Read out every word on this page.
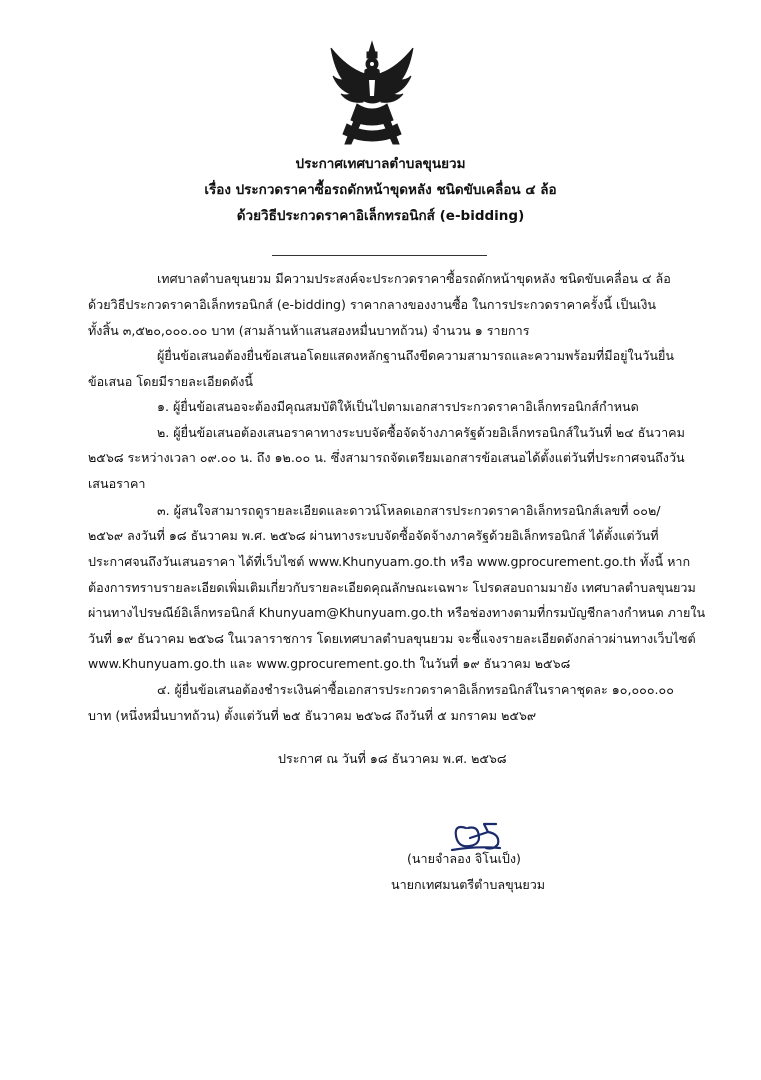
ประกาศเทศบาลตำบลขุนยวม
เรื่อง ประกวดราคาซื้อรถดักหน้าขุดหลัง ชนิดขับเคลื่อน ๔ ล้อ
ด้วยวิธีประกวดราคาอิเล็กทรอนิกส์ (e-bidding)
เทศบาลตำบลขุนยวม มีความประสงค์จะประกวดราคาซื้อรถดักหน้าขุดหลัง ชนิดขับเคลื่อน ๔ ล้อ
ด้วยวิธีประกวดราคาอิเล็กทรอนิกส์ (e-bidding) ราคากลางของงานซื้อ ในการประกวดราคาครั้งนี้ เป็นเงิน
ทั้งสิ้น ๓,๕๒๐,๐๐๐.๐๐ บาท (สามล้านห้าแสนสองหมื่นบาทถ้วน) จำนวน ๑ รายการ
ผู้ยื่นข้อเสนอต้องยื่นข้อเสนอโดยแสดงหลักฐานถึงขีดความสามารถและความพร้อมที่มีอยู่ในวันยื่น
ข้อเสนอ โดยมีรายละเอียดดังนี้
๑. ผู้ยื่นข้อเสนอจะต้องมีคุณสมบัติให้เป็นไปตามเอกสารประกวดราคาอิเล็กทรอนิกส์กำหนด
๒. ผู้ยื่นข้อเสนอต้องเสนอราคาทางระบบจัดซื้อจัดจ้างภาครัฐด้วยอิเล็กทรอนิกส์ในวันที่ ๒๔ ธันวาคม
๒๕๖๘ ระหว่างเวลา ๐๙.๐๐ น. ถึง ๑๒.๐๐ น. ซึ่งสามารถจัดเตรียมเอกสารข้อเสนอได้ตั้งแต่วันที่ประกาศจนถึงวัน
เสนอราคา
๓. ผู้สนใจสามารถดูรายละเอียดและดาวน์โหลดเอกสารประกวดราคาอิเล็กทรอนิกส์เลขที่ ๐๐๒/
๒๕๖๙ ลงวันที่ ๑๘ ธันวาคม พ.ศ. ๒๕๖๘ ผ่านทางระบบจัดซื้อจัดจ้างภาครัฐด้วยอิเล็กทรอนิกส์ ได้ตั้งแต่วันที่
ประกาศจนถึงวันเสนอราคา ได้ที่เว็บไซต์ www.Khunyuam.go.th หรือ www.gprocurement.go.th ทั้งนี้ หาก
ต้องการทราบรายละเอียดเพิ่มเติมเกี่ยวกับรายละเอียดคุณลักษณะเฉพาะ โปรดสอบถามมายัง เทศบาลตำบลขุนยวม
ผ่านทางไปรษณีย์อิเล็กทรอนิกส์ Khunyuam@Khunyuam.go.th หรือช่องทางตามที่กรมบัญชีกลางกำหนด ภายใน
วันที่ ๑๙ ธันวาคม ๒๕๖๘ ในเวลาราชการ โดยเทศบาลตำบลขุนยวม จะชี้แจงรายละเอียดดังกล่าวผ่านทางเว็บไซต์
www.Khunyuam.go.th และ www.gprocurement.go.th ในวันที่ ๑๙ ธันวาคม ๒๕๖๘
๔. ผู้ยื่นข้อเสนอต้องชำระเงินค่าซื้อเอกสารประกวดราคาอิเล็กทรอนิกส์ในราคาชุดละ ๑๐,๐๐๐.๐๐
บาท (หนึ่งหมื่นบาทถ้วน) ตั้งแต่วันที่ ๒๕ ธันวาคม ๒๕๖๘ ถึงวันที่ ๕ มกราคม ๒๕๖๙
ประกาศ ณ วันที่ ๑๘ ธันวาคม พ.ศ. ๒๕๖๘
(นายจำลอง จิโนเป็ง)
นายกเทศมนตรีตำบลขุนยวม
